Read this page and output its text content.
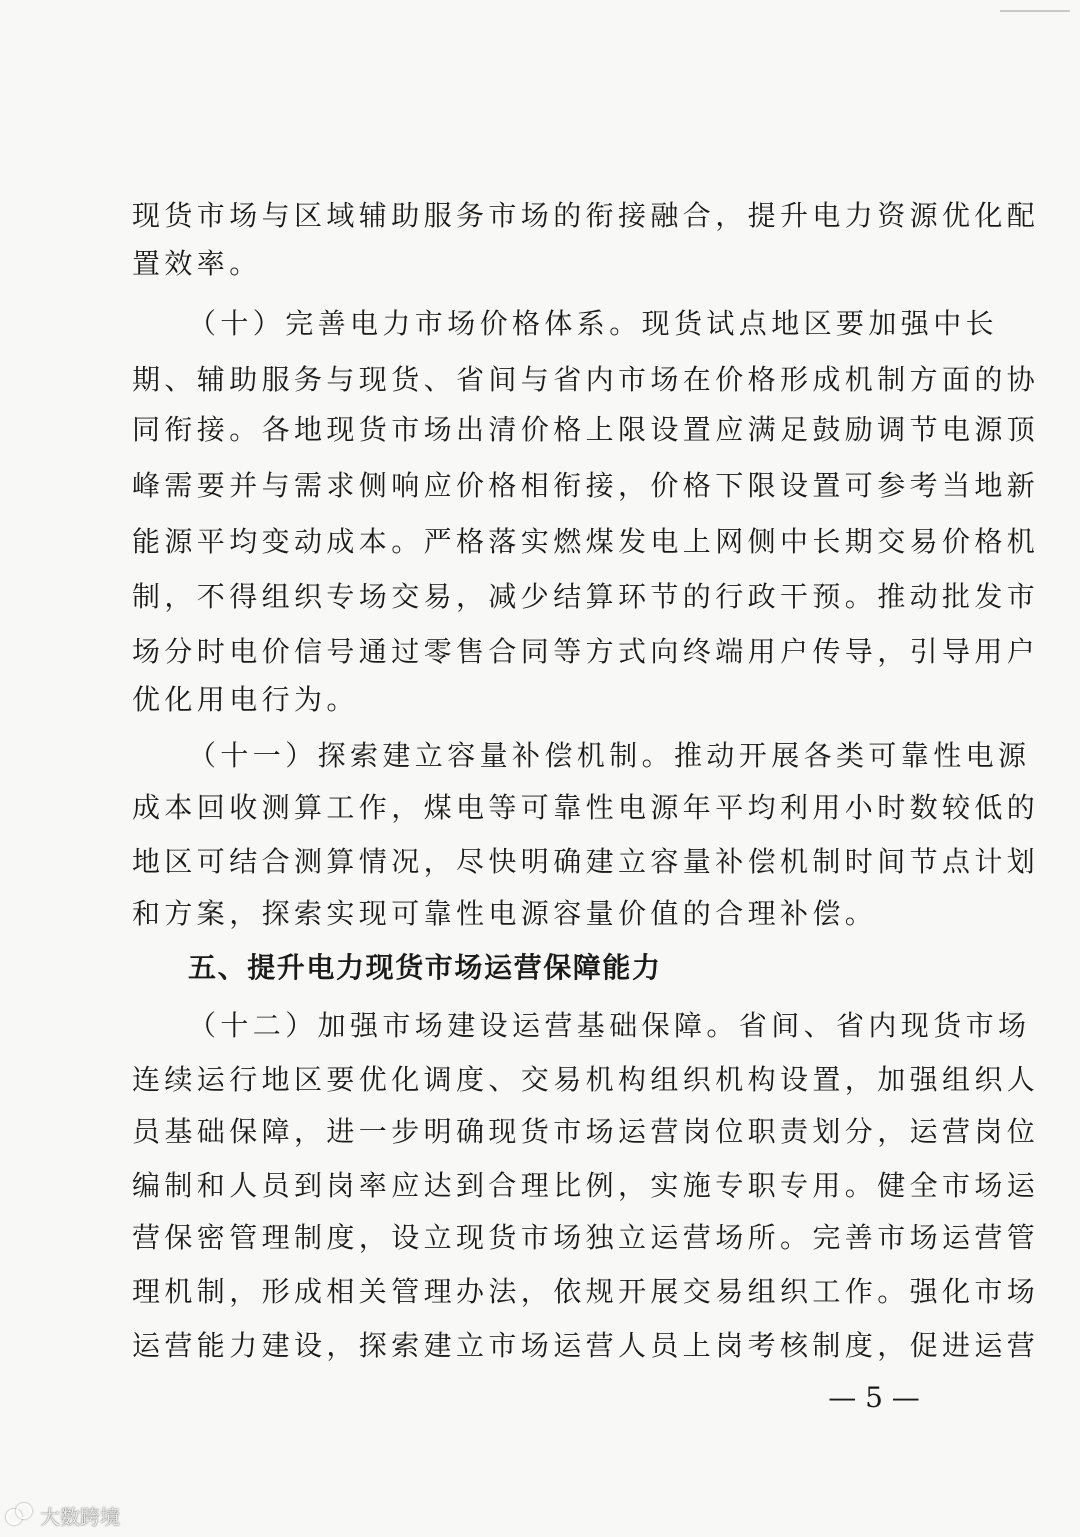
现货市场与区域辅助服务市场的衔接融合，提升电力资源优化配
置效率。
（十）完善电力市场价格体系。现货试点地区要加强中长
期、辅助服务与现货、省间与省内市场在价格形成机制方面的协
同衔接。各地现货市场出清价格上限设置应满足鼓励调节电源顶
峰需要并与需求侧响应价格相衔接，价格下限设置可参考当地新
能源平均变动成本。严格落实燃煤发电上网侧中长期交易价格机
制，不得组织专场交易，减少结算环节的行政干预。推动批发市
场分时电价信号通过零售合同等方式向终端用户传导，引导用户
优化用电行为。
（十一）探索建立容量补偿机制。推动开展各类可靠性电源
成本回收测算工作，煤电等可靠性电源年平均利用小时数较低的
地区可结合测算情况，尽快明确建立容量补偿机制时间节点计划
和方案，探索实现可靠性电源容量价值的合理补偿。
五、提升电力现货市场运营保障能力
（十二）加强市场建设运营基础保障。省间、省内现货市场
连续运行地区要优化调度、交易机构组织机构设置，加强组织人
员基础保障，进一步明确现货市场运营岗位职责划分，运营岗位
编制和人员到岗率应达到合理比例，实施专职专用。健全市场运
营保密管理制度，设立现货市场独立运营场所。完善市场运营管
理机制，形成相关管理办法，依规开展交易组织工作。强化市场
运营能力建设，探索建立市场运营人员上岗考核制度，促进运营
— 5 —
大数跨境
